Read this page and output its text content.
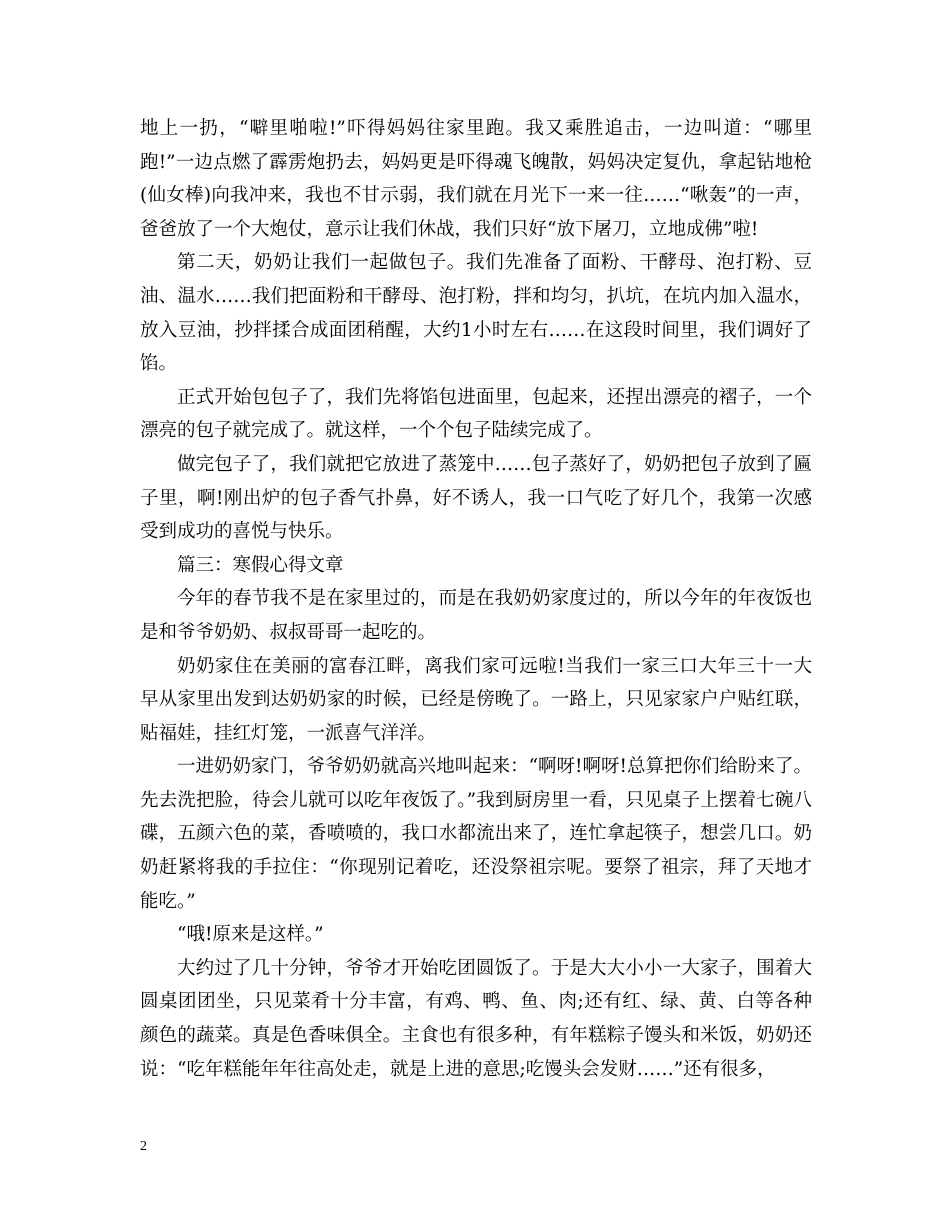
地上一扔，“噼里啪啦!”吓得妈妈往家里跑。我又乘胜追击，一边叫道：“哪里跑!”一边点燃了霹雳炮扔去，妈妈更是吓得魂飞魄散，妈妈决定复仇，拿起钻地枪(仙女棒)向我冲来，我也不甘示弱，我们就在月光下一来一往……“啾轰”的一声，爸爸放了一个大炮仗，意示让我们休战，我们只好“放下屠刀，立地成佛”啦!

第二天，奶奶让我们一起做包子。我们先准备了面粉、干酵母、泡打粉、豆油、温水……我们把面粉和干酵母、泡打粉，拌和均匀，扒坑，在坑内加入温水，放入豆油，抄拌揉合成面团稍醒，大约1小时左右……在这段时间里，我们调好了馅。

正式开始包包子了，我们先将馅包进面里，包起来，还捏出漂亮的褶子，一个漂亮的包子就完成了。就这样，一个个包子陆续完成了。

做完包子了，我们就把它放进了蒸笼中……包子蒸好了，奶奶把包子放到了匾子里，啊!刚出炉的包子香气扑鼻，好不诱人，我一口气吃了好几个，我第一次感受到成功的喜悦与快乐。

篇三：寒假心得文章

今年的春节我不是在家里过的，而是在我奶奶家度过的，所以今年的年夜饭也是和爷爷奶奶、叔叔哥哥一起吃的。

奶奶家住在美丽的富春江畔，离我们家可远啦!当我们一家三口大年三十一大早从家里出发到达奶奶家的时候，已经是傍晚了。一路上，只见家家户户贴红联，贴福娃，挂红灯笼，一派喜气洋洋。

一进奶奶家门，爷爷奶奶就高兴地叫起来：“啊呀!啊呀!总算把你们给盼来了。先去洗把脸，待会儿就可以吃年夜饭了。”我到厨房里一看，只见桌子上摆着七碗八碟，五颜六色的菜，香喷喷的，我口水都流出来了，连忙拿起筷子，想尝几口。奶奶赶紧将我的手拉住：“你现别记着吃，还没祭祖宗呢。要祭了祖宗，拜了天地才能吃。”

“哦!原来是这样。”

大约过了几十分钟，爷爷才开始吃团圆饭了。于是大大小小一大家子，围着大圆桌团团坐，只见菜肴十分丰富，有鸡、鸭、鱼、肉;还有红、绿、黄、白等各种颜色的蔬菜。真是色香味俱全。主食也有很多种，有年糕粽子馒头和米饭，奶奶还说：“吃年糕能年年往高处走，就是上进的意思;吃馒头会发财……”还有很多，

2
